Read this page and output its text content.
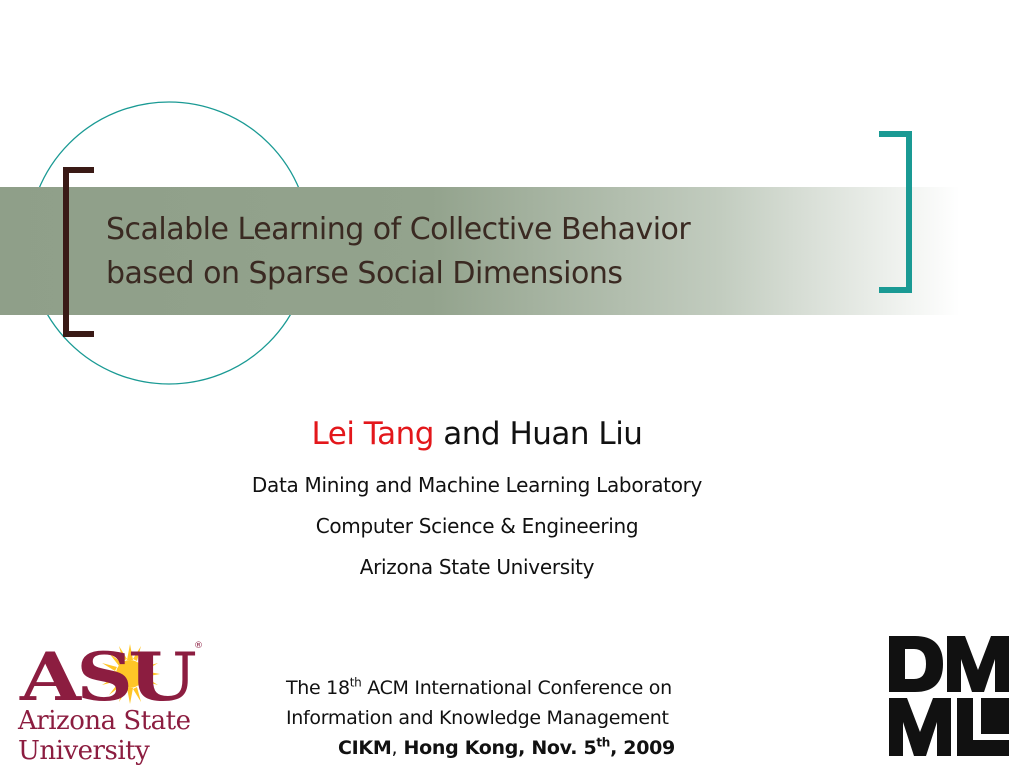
Scalable Learning of Collective Behavior
based on Sparse Social Dimensions
Lei Tang and Huan Liu
Data Mining and Machine Learning Laboratory
Computer Science & Engineering
Arizona State University
The 18th ACM International Conference on
Information and Knowledge Management
CIKM, Hong Kong, Nov. 5th, 2009
ASU
®
Arizona State
University
